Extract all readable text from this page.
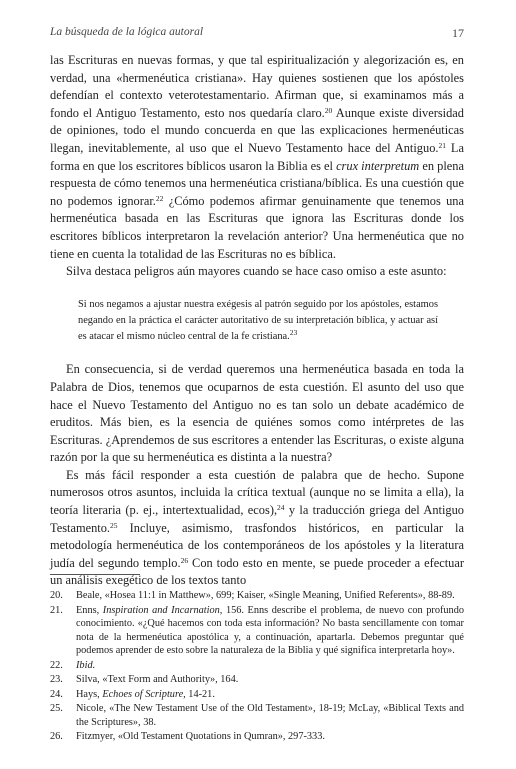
La búsqueda de la lógica autoral	17

las Escrituras en nuevas formas, y que tal espiritualización y alegorización es, en verdad, una «hermenéutica cristiana». Hay quienes sostienen que los apóstoles defendían el contexto veterotestamentario. Afirman que, si examinamos más a fondo el Antiguo Testamento, esto nos quedaría claro.$^{20}$ Aunque existe diversidad de opiniones, todo el mundo concuerda en que las explicaciones hermenéuticas llegan, inevitablemente, al uso que el Nuevo Testamento hace del Antiguo.$^{21}$ La forma en que los escritores bíblicos usaron la Biblia es el crux interpretum en plena respuesta de cómo tenemos una hermenéutica cristiana/bíblica. Es una cuestión que no podemos ignorar.$^{22}$ ¿Cómo podemos afirmar genuinamente que tenemos una hermenéutica basada en las Escrituras que ignora las Escrituras donde los escritores bíblicos interpretaron la revelación anterior? Una hermenéutica que no tiene en cuenta la totalidad de las Escrituras no es bíblica.

Silva destaca peligros aún mayores cuando se hace caso omiso a este asunto:

Si nos negamos a ajustar nuestra exégesis al patrón seguido por los apóstoles, estamos negando en la práctica el carácter autoritativo de su interpretación bíblica, y actuar así es atacar el mismo núcleo central de la fe cristiana.$^{23}$

En consecuencia, si de verdad queremos una hermenéutica basada en toda la Palabra de Dios, tenemos que ocuparnos de esta cuestión. El asunto del uso que hace el Nuevo Testamento del Antiguo no es tan solo un debate académico de eruditos. Más bien, es la esencia de quiénes somos como intérpretes de las Escrituras. ¿Aprendemos de sus escritores a entender las Escrituras, o existe alguna razón por la que su hermenéutica es distinta a la nuestra?

Es más fácil responder a esta cuestión de palabra que de hecho. Supone numerosos otros asuntos, incluida la crítica textual (aunque no se limita a ella), la teoría literaria (p. ej., intertextualidad, ecos),$^{24}$ y la traducción griega del Antiguo Testamento.$^{25}$ Incluye, asimismo, trasfondos históricos, en particular la metodología hermenéutica de los contemporáneos de los apóstoles y la literatura judía del segundo templo.$^{26}$ Con todo esto en mente, se puede proceder a efectuar un análisis exegético de los textos tanto

20.	Beale, «Hosea 11:1 in Matthew», 699; Kaiser, «Single Meaning, Unified Referents», 88-89.
21.	Enns, Inspiration and Incarnation, 156. Enns describe el problema, de nuevo con profundo conocimiento. «¿Qué hacemos con toda esta información? No basta sencillamente con tomar nota de la hermenéutica apostólica y, a continuación, apartarla. Debemos preguntar qué podemos aprender de esto sobre la naturaleza de la Biblia y qué significa interpretarla hoy».
22.	Ibid.
23.	Silva, «Text Form and Authority», 164.
24.	Hays, Echoes of Scripture, 14-21.
25.	Nicole, «The New Testament Use of the Old Testament», 18-19; McLay, «Biblical Texts and the Scriptures», 38.
26.	Fitzmyer, «Old Testament Quotations in Qumran», 297-333.
